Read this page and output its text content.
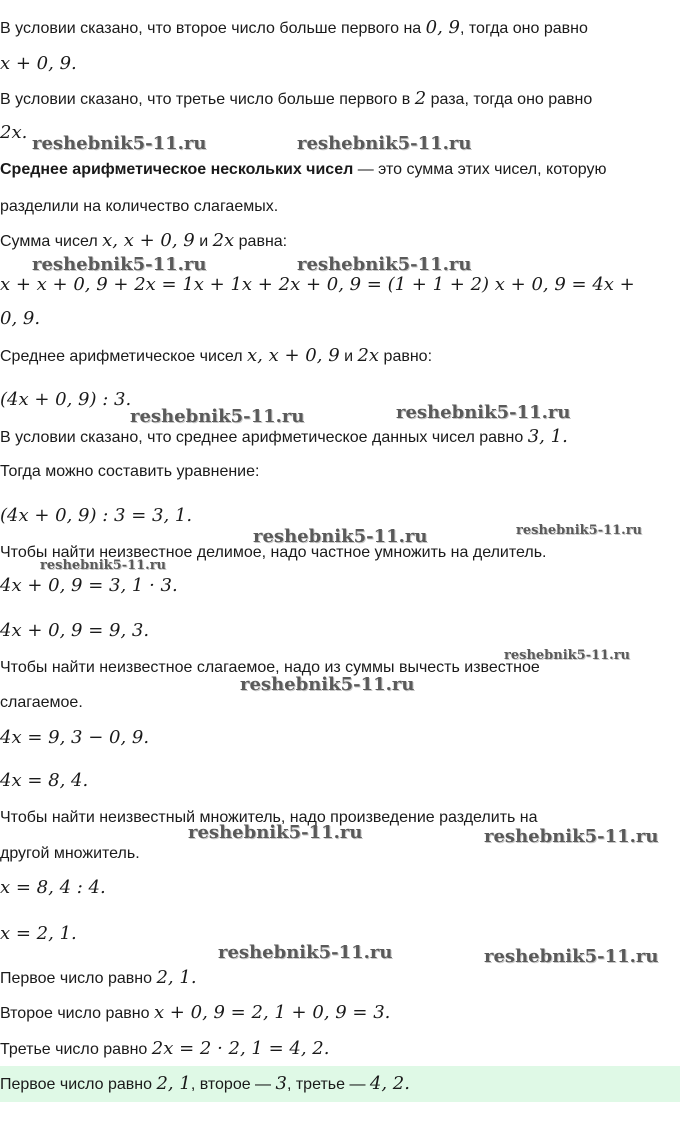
В условии сказано, что второе число больше первого на 0, 9, тогда оно равно
x + 0, 9.
В условии сказано, что третье число больше первого в 2 раза, тогда оно равно
2x.
Среднее арифметическое нескольких чисел — это сумма этих чисел, которую
разделили на количество слагаемых.
Сумма чисел x, x + 0, 9 и 2x равна:
x + x + 0, 9 + 2x = 1x + 1x + 2x + 0, 9 = (1 + 1 + 2) x + 0, 9 = 4x +
0, 9.
Среднее арифметическое чисел x, x + 0, 9 и 2x равно:
(4x + 0, 9) : 3.
В условии сказано, что среднее арифметическое данных чисел равно 3, 1.
Тогда можно составить уравнение:
(4x + 0, 9) : 3 = 3, 1.
Чтобы найти неизвестное делимое, надо частное умножить на делитель.
4x + 0, 9 = 3, 1 · 3.
4x + 0, 9 = 9, 3.
Чтобы найти неизвестное слагаемое, надо из суммы вычесть известное
слагаемое.
4x = 9, 3 − 0, 9.
4x = 8, 4.
Чтобы найти неизвестный множитель, надо произведение разделить на
другой множитель.
x = 8, 4 : 4.
x = 2, 1.
Первое число равно 2, 1.
Второе число равно x + 0, 9 = 2, 1 + 0, 9 = 3.
Третье число равно 2x = 2 · 2, 1 = 4, 2.
Первое число равно 2, 1, второе — 3, третье — 4, 2.
reshebnik5-11.ru	reshebnik5-11.ru
reshebnik5-11.ru	reshebnik5-11.ru
reshebnik5-11.ru	reshebnik5-11.ru
reshebnik5-11.ru	reshebnik5-11.ru
reshebnik5-11.ru
reshebnik5-11.ru
reshebnik5-11.ru
reshebnik5-11.ru	reshebnik5-11.ru
reshebnik5-11.ru	reshebnik5-11.ru
